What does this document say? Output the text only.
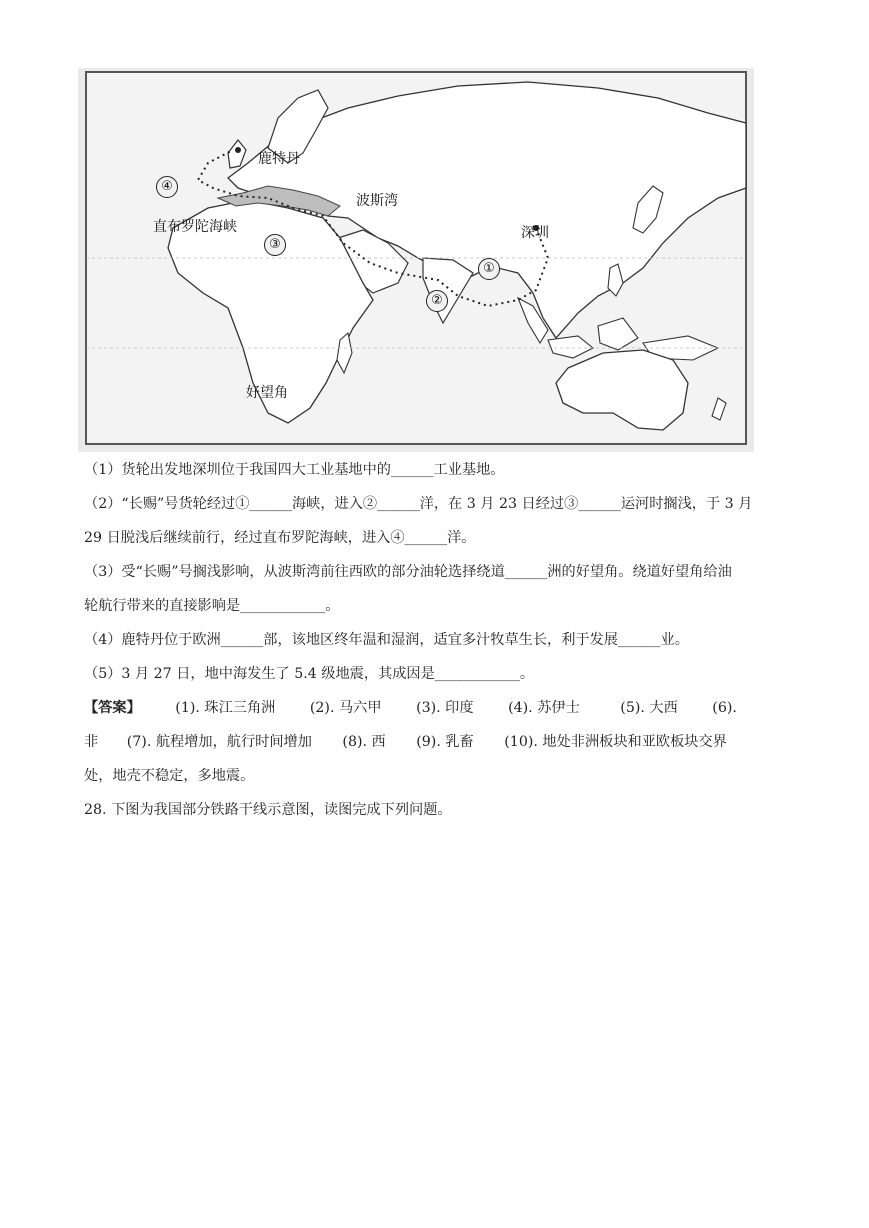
鹿特丹
直布罗陀海峡
波斯湾
深圳
好望角
①
②
③
④
（1）货轮出发地深圳位于我国四大工业基地中的______工业基地。
（2）“长赐”号货轮经过①______海峡，进入②______洋，在 3 月 23 日经过③______运河时搁浅，于 3 月
29 日脱浅后继续前行，经过直布罗陀海峡，进入④______洋。
（3）受“长赐”号搁浅影响，从波斯湾前往西欧的部分油轮选择绕道______洲的好望角。绕道好望角给油
轮航行带来的直接影响是____________。
（4）鹿特丹位于欧洲______部，该地区终年温和湿润，适宜多汁牧草生长，利于发展______业。
（5）3 月 27 日，地中海发生了 5.4 级地震，其成因是____________。
【答案】 (1). 珠江三角洲 (2). 马六甲 (3). 印度 (4). 苏伊士	(5). 大西 (6).
非 (7). 航程增加，航行时间增加 (8). 西 (9). 乳畜 (10). 地处非洲板块和亚欧板块交界
处，地壳不稳定，多地震。
28. 下图为我国部分铁路干线示意图，读图完成下列问题。
